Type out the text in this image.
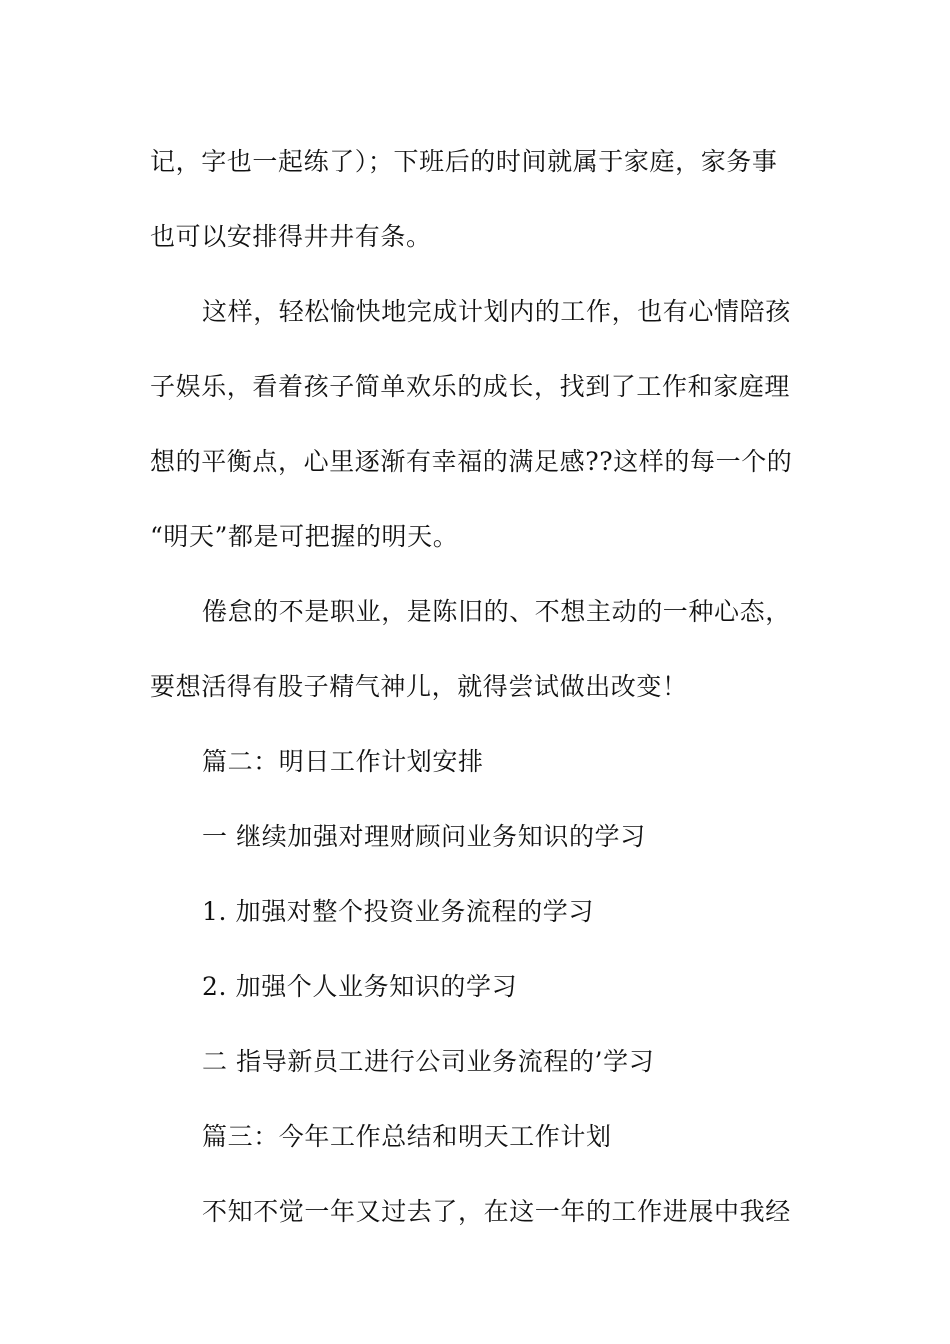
记，字也一起练了）；下班后的时间就属于家庭，家务事
也可以安排得井井有条。
这样，轻松愉快地完成计划内的工作，也有心情陪孩
子娱乐，看着孩子简单欢乐的成长，找到了工作和家庭理
想的平衡点，心里逐渐有幸福的满足感??这样的每一个的
“明天”都是可把握的明天。
倦怠的不是职业，是陈旧的、不想主动的一种心态，
要想活得有股子精气神儿，就得尝试做出改变！
篇二：明日工作计划安排
一 继续加强对理财顾问业务知识的学习
1. 加强对整个投资业务流程的学习
2. 加强个人业务知识的学习
二 指导新员工进行公司业务流程的’学习
篇三：今年工作总结和明天工作计划
不知不觉一年又过去了，在这一年的工作进展中我经
